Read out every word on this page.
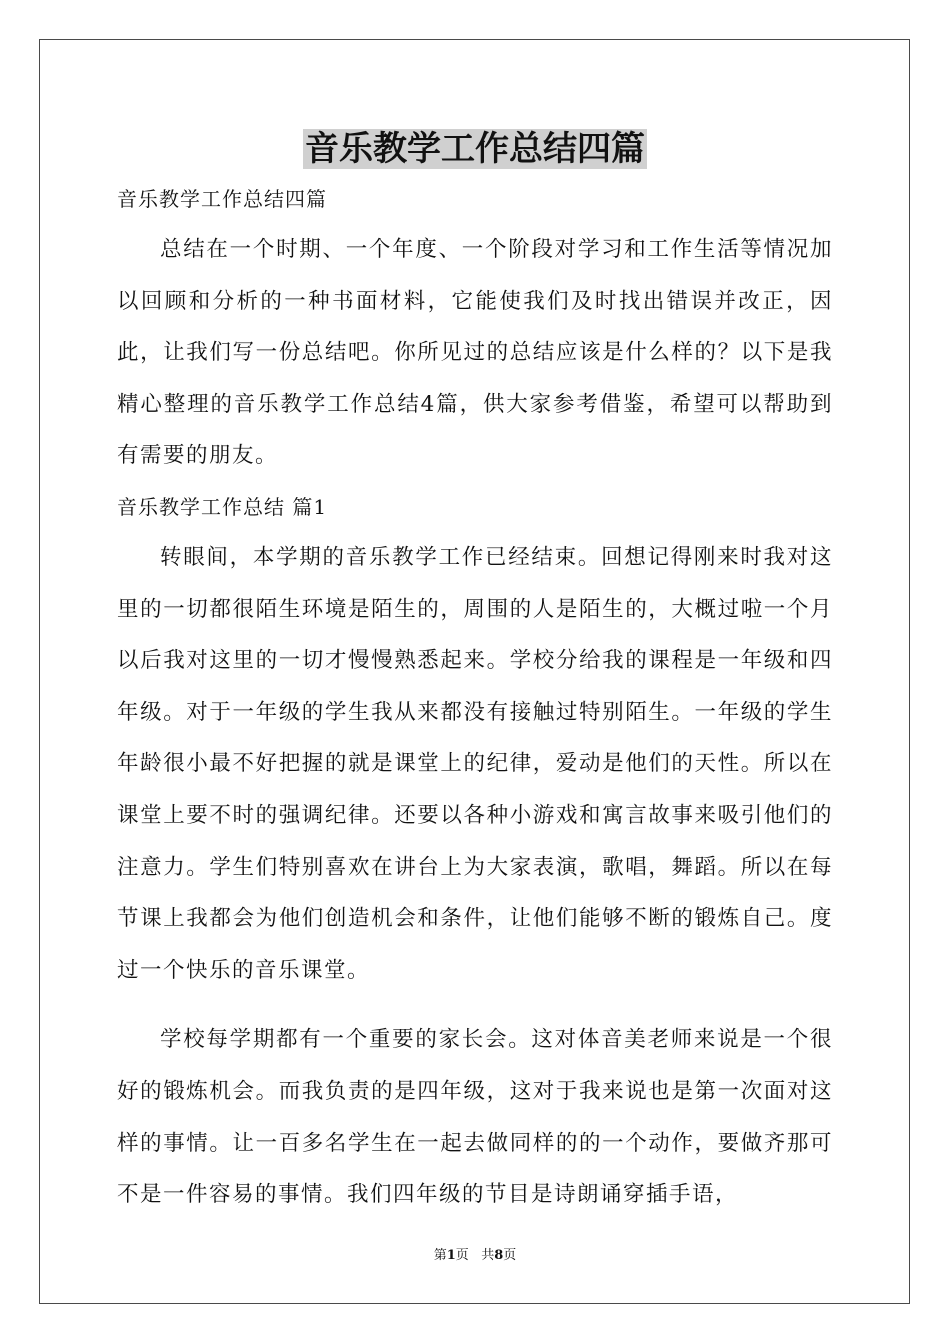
音乐教学工作总结四篇

音乐教学工作总结四篇

总结在一个时期、一个年度、一个阶段对学习和工作生活等情况加以回顾和分析的一种书面材料，它能使我们及时找出错误并改正，因此，让我们写一份总结吧。你所见过的总结应该是什么样的？以下是我精心整理的音乐教学工作总结4篇，供大家参考借鉴，希望可以帮助到有需要的朋友。

音乐教学工作总结 篇1

转眼间，本学期的音乐教学工作已经结束。回想记得刚来时我对这里的一切都很陌生环境是陌生的，周围的人是陌生的，大概过啦一个月以后我对这里的一切才慢慢熟悉起来。学校分给我的课程是一年级和四年级。对于一年级的学生我从来都没有接触过特别陌生。一年级的学生年龄很小最不好把握的就是课堂上的纪律，爱动是他们的天性。所以在课堂上要不时的强调纪律。还要以各种小游戏和寓言故事来吸引他们的注意力。学生们特别喜欢在讲台上为大家表演，歌唱，舞蹈。所以在每节课上我都会为他们创造机会和条件，让他们能够不断的锻炼自己。度过一个快乐的音乐课堂。

学校每学期都有一个重要的家长会。这对体音美老师来说是一个很好的锻炼机会。而我负责的是四年级，这对于我来说也是第一次面对这样的事情。让一百多名学生在一起去做同样的的一个动作，要做齐那可不是一件容易的事情。我们四年级的节目是诗朗诵穿插手语，

第1页   共8页
